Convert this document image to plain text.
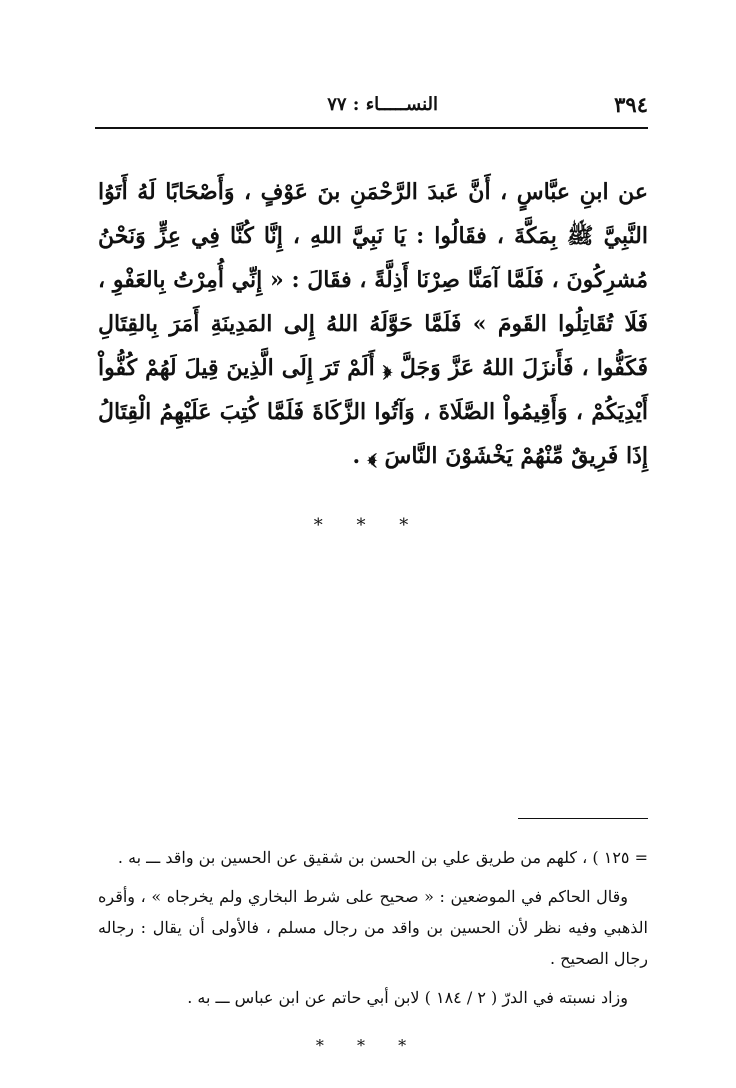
٣٩٤
النســـــاء : ٧٧

عن ابنِ عبَّاسٍ ، أَنَّ عَبدَ الرَّحْمَنِ بنَ عَوْفٍ ، وَأَصْحَابًا لَهُ أَتَوُا النَّبِيَّ ﷺ بِمَكَّةَ ، فقَالُوا : يَا نَبِيَّ اللهِ ، إِنَّا كُنَّا فِي عِزٍّ وَنَحْنُ مُشرِكُونَ ، فَلَمَّا آمَنَّا صِرْنَا أَذِلَّةً ، فقَالَ : « إِنِّي أُمِرْتُ بِالعَفْوِ ، فَلَا تُقَاتِلُوا القَومَ » فَلَمَّا حَوَّلَهُ اللهُ إِلى المَدِينَةِ أَمَرَ بِالقِتَالِ فَكَفُّوا ، فَأَنزَلَ اللهُ عَزَّ وَجَلَّ ﴿ أَلَمْ تَرَ إِلَى الَّذِينَ قِيلَ لَهُمْ كُفُّواْ أَيْدِيَكُمْ ، وَأَقِيمُواْ الصَّلَاةَ ، وَآتُوا الزَّكَاةَ فَلَمَّا كُتِبَ عَلَيْهِمُ الْقِتَالُ إِذَا فَرِيقٌ مِّنْهُمْ يَخْشَوْنَ النَّاسَ ﴾ .

* * *

= ١٢٥ ) ، كلهم من طريق علي بن الحسن بن شقيق عن الحسين بن واقد ـــ به .

وقال الحاكم في الموضعين : « صحيح على شرط البخاري ولم يخرجاه » ، وأقره الذهبي وفيه نظر لأن الحسين بن واقد من رجال مسلم ، فالأولى أن يقال : رجاله رجال الصحيح .

وزاد نسبته في الدرّ ( ٢ / ١٨٤ ) لابن أبي حاتم عن ابن عباس ـــ به .

* * *
